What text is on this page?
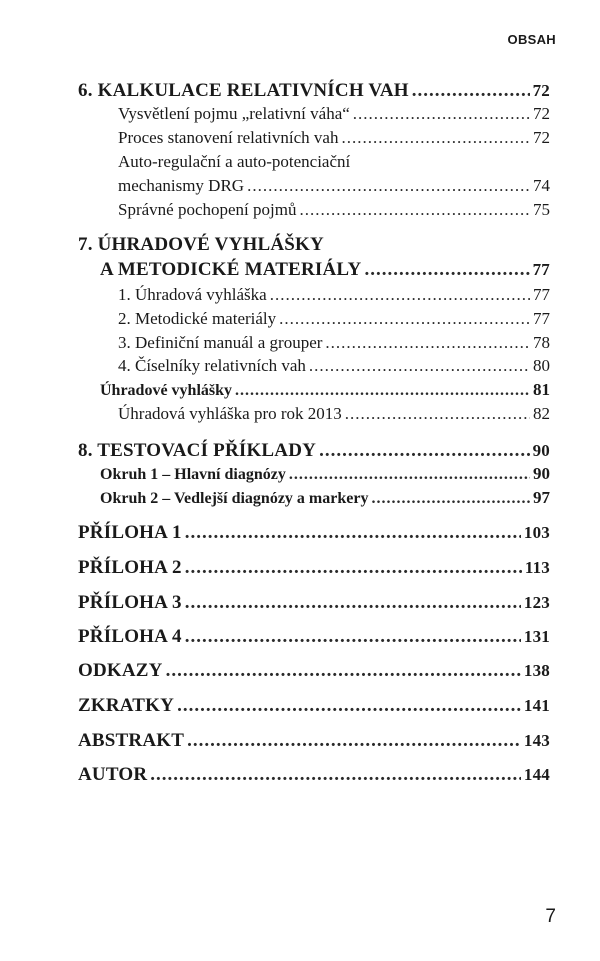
OBSAH
6. KALKULACE RELATIVNÍCH VAH .....	72
Vysvětlení pojmu „relativní váha“ .....	72
Proces stanovení relativních vah .....	72
Auto-regulační a auto-potenciační
mechanismy DRG .....	74
Správné pochopení pojmů .....	75
7. ÚHRADOVÉ VYHLÁŠKY
A METODICKÉ MATERIÁLY .....	77
1. Úhradová vyhláška .....	77
2. Metodické materiály .....	77
3. Definiční manuál a grouper .....	78
4. Číselníky relativních vah .....	80
Úhradové vyhlášky .....	81
Úhradová vyhláška pro rok 2013 .....	82
8. TESTOVACÍ PŘÍKLADY .....	90
Okruh 1 – Hlavní diagnózy .....	90
Okruh 2 – Vedlejší diagnózy a markery .....	97
PŘÍLOHA 1 .....	103
PŘÍLOHA 2 .....	113
PŘÍLOHA 3 .....	123
PŘÍLOHA 4 .....	131
ODKAZY .....	138
ZKRATKY .....	141
ABSTRAKT .....	143
AUTOR .....	144
7
